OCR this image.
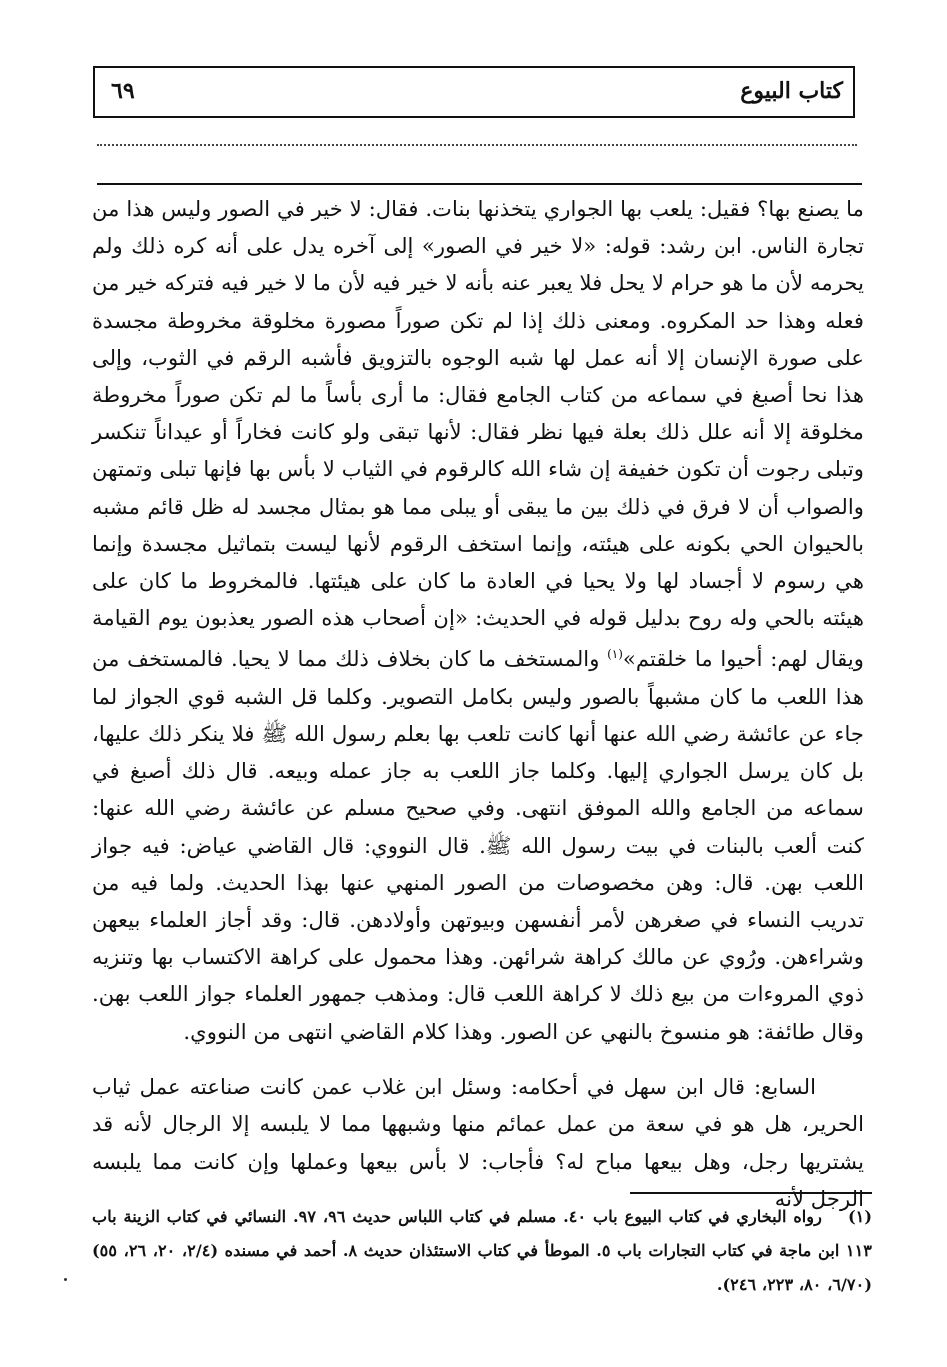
كتاب البيوع
٦٩

ما يصنع بها؟ فقيل: يلعب بها الجواري يتخذنها بنات. فقال: لا خير في الصور وليس هذا من تجارة الناس. ابن رشد: قوله: «لا خير في الصور» إلى آخره يدل على أنه كره ذلك ولم يحرمه لأن ما هو حرام لا يحل فلا يعبر عنه بأنه لا خير فيه لأن ما لا خير فيه فتركه خير من فعله وهذا حد المكروه. ومعنى ذلك إذا لم تكن صوراً مصورة مخلوقة مخروطة مجسدة على صورة الإنسان إلا أنه عمل لها شبه الوجوه بالتزويق فأشبه الرقم في الثوب، وإلى هذا نحا أصبغ في سماعه من كتاب الجامع فقال: ما أرى بأساً ما لم تكن صوراً مخروطة مخلوقة إلا أنه علل ذلك بعلة فيها نظر فقال: لأنها تبقى ولو كانت فخاراً أو عيداناً تنكسر وتبلى رجوت أن تكون خفيفة إن شاء الله كالرقوم في الثياب لا بأس بها فإنها تبلى وتمتهن والصواب أن لا فرق في ذلك بين ما يبقى أو يبلى مما هو بمثال مجسد له ظل قائم مشبه بالحيوان الحي بكونه على هيئته، وإنما استخف الرقوم لأنها ليست بتماثيل مجسدة وإنما هي رسوم لا أجساد لها ولا يحيا في العادة ما كان على هيئتها. فالمخروط ما كان على هيئته بالحي وله روح بدليل قوله في الحديث: «إن أصحاب هذه الصور يعذبون يوم القيامة ويقال لهم: أحيوا ما خلقتم»$^{(١)}$ والمستخف ما كان بخلاف ذلك مما لا يحيا. فالمستخف من هذا اللعب ما كان مشبهاً بالصور وليس بكامل التصوير. وكلما قل الشبه قوي الجواز لما جاء عن عائشة رضي الله عنها أنها كانت تلعب بها بعلم رسول الله ﷺ فلا ينكر ذلك عليها، بل كان يرسل الجواري إليها. وكلما جاز اللعب به جاز عمله وبيعه. قال ذلك أصبغ في سماعه من الجامع والله الموفق انتهى. وفي صحيح مسلم عن عائشة رضي الله عنها: كنت ألعب بالبنات في بيت رسول الله ﷺ. قال النووي: قال القاضي عياض: فيه جواز اللعب بهن. قال: وهن مخصوصات من الصور المنهي عنها بهذا الحديث. ولما فيه من تدريب النساء في صغرهن لأمر أنفسهن وبيوتهن وأولادهن. قال: وقد أجاز العلماء بيعهن وشراءهن. ورُوي عن مالك كراهة شرائهن. وهذا محمول على كراهة الاكتساب بها وتنزيه ذوي المروءات من بيع ذلك لا كراهة اللعب قال: ومذهب جمهور العلماء جواز اللعب بهن. وقال طائفة: هو منسوخ بالنهي عن الصور. وهذا كلام القاضي انتهى من النووي.

السابع: قال ابن سهل في أحكامه: وسئل ابن غلاب عمن كانت صناعته عمل ثياب الحرير، هل هو في سعة من عمل عمائم منها وشبهها مما لا يلبسه إلا الرجال لأنه قد يشتريها رجل، وهل بيعها مباح له؟ فأجاب: لا بأس بيعها وعملها وإن كانت مما يلبسه الرجل لأنه

(١)رواه البخاري في كتاب البيوع باب ٤٠. مسلم في كتاب اللباس حديث ٩٦، ٩٧. النسائي في كتاب الزينة باب ١١٣ ابن ماجة في كتاب التجارات باب ٥. الموطأ في كتاب الاستئذان حديث ٨. أحمد في مسنده (٢/٤، ٢٠، ٢٦، ٥٥) (٦/٧٠، ٨٠، ٢٢٣، ٢٤٦).
